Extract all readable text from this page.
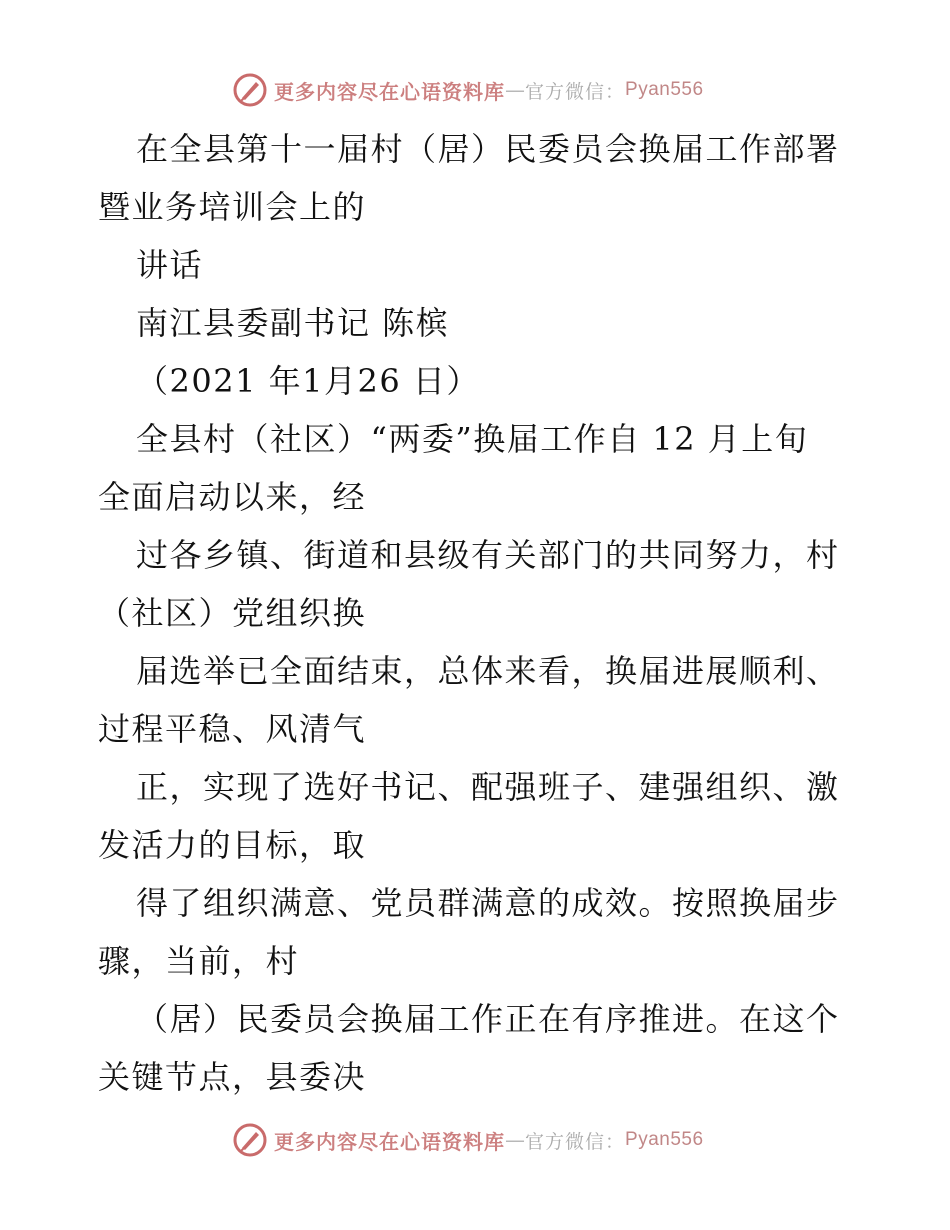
更多内容尽在心语资料库 — 官方微信： Pyan556
在全县第十一届村（居）民委员会换届工作部署
暨业务培训会上的
讲话
南江县委副书记 陈槟
（2021 年1月26 日）
全县村（社区）“两委”换届工作自 12 月上旬
全面启动以来，经
过各乡镇、街道和县级有关部门的共同努力，村
（社区）党组织换
届选举已全面结束，总体来看，换届进展顺利、
过程平稳、风清气
正，实现了选好书记、配强班子、建强组织、激
发活力的目标，取
得了组织满意、党员群满意的成效。按照换届步
骤，当前，村
（居）民委员会换届工作正在有序推进。在这个
关键节点，县委决
更多内容尽在心语资料库 — 官方微信： Pyan556
